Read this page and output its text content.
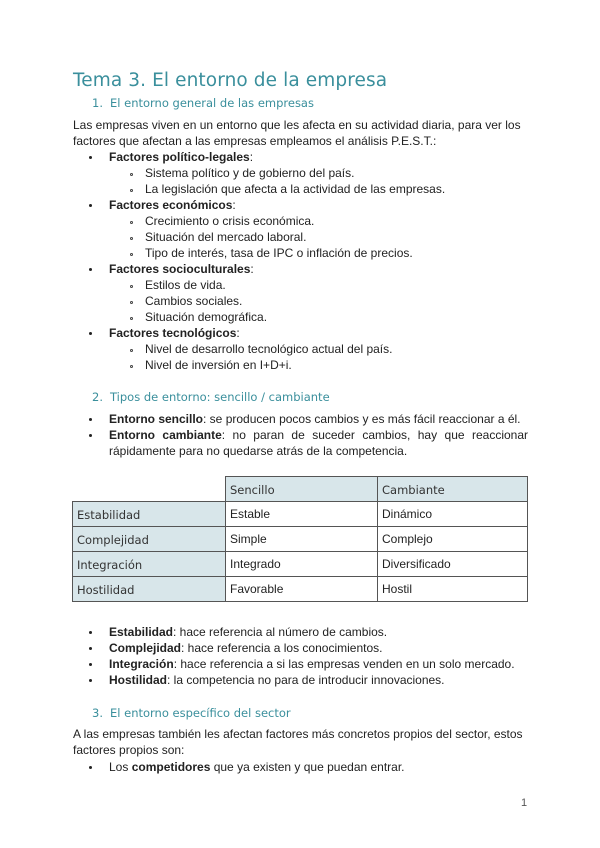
Tema 3. El entorno de la empresa
1. El entorno general de las empresas

Las empresas viven en un entorno que les afecta en su actividad diaria, para ver los factores que afectan a las empresas empleamos el análisis P.E.S.T.:

Factores político-legales:
Sistema político y de gobierno del país.
La legislación que afecta a la actividad de las empresas.
Factores económicos:
Crecimiento o crisis económica.
Situación del mercado laboral.
Tipo de interés, tasa de IPC o inflación de precios.
Factores socioculturales:
Estilos de vida.
Cambios sociales.
Situación demográfica.
Factores tecnológicos:
Nivel de desarrollo tecnológico actual del país.
Nivel de inversión en I+D+i.
2. Tipos de entorno: sencillo / cambiante
Entorno sencillo: se producen pocos cambios y es más fácil reaccionar a él.
Entorno cambiante: no paran de suceder cambios, hay que reaccionar rápidamente para no quedarse atrás de la competencia.
	Sencillo	Cambiante
Estabilidad	Estable	Dinámico
Complejidad	Simple	Complejo
Integración	Integrado	Diversificado
Hostilidad	Favorable	Hostil
Estabilidad: hace referencia al número de cambios.
Complejidad: hace referencia a los conocimientos.
Integración: hace referencia a si las empresas venden en un solo mercado.
Hostilidad: la competencia no para de introducir innovaciones.
3. El entorno específico del sector

A las empresas también les afectan factores más concretos propios del sector, estos factores propios son:

Los competidores que ya existen y que puedan entrar.
1
